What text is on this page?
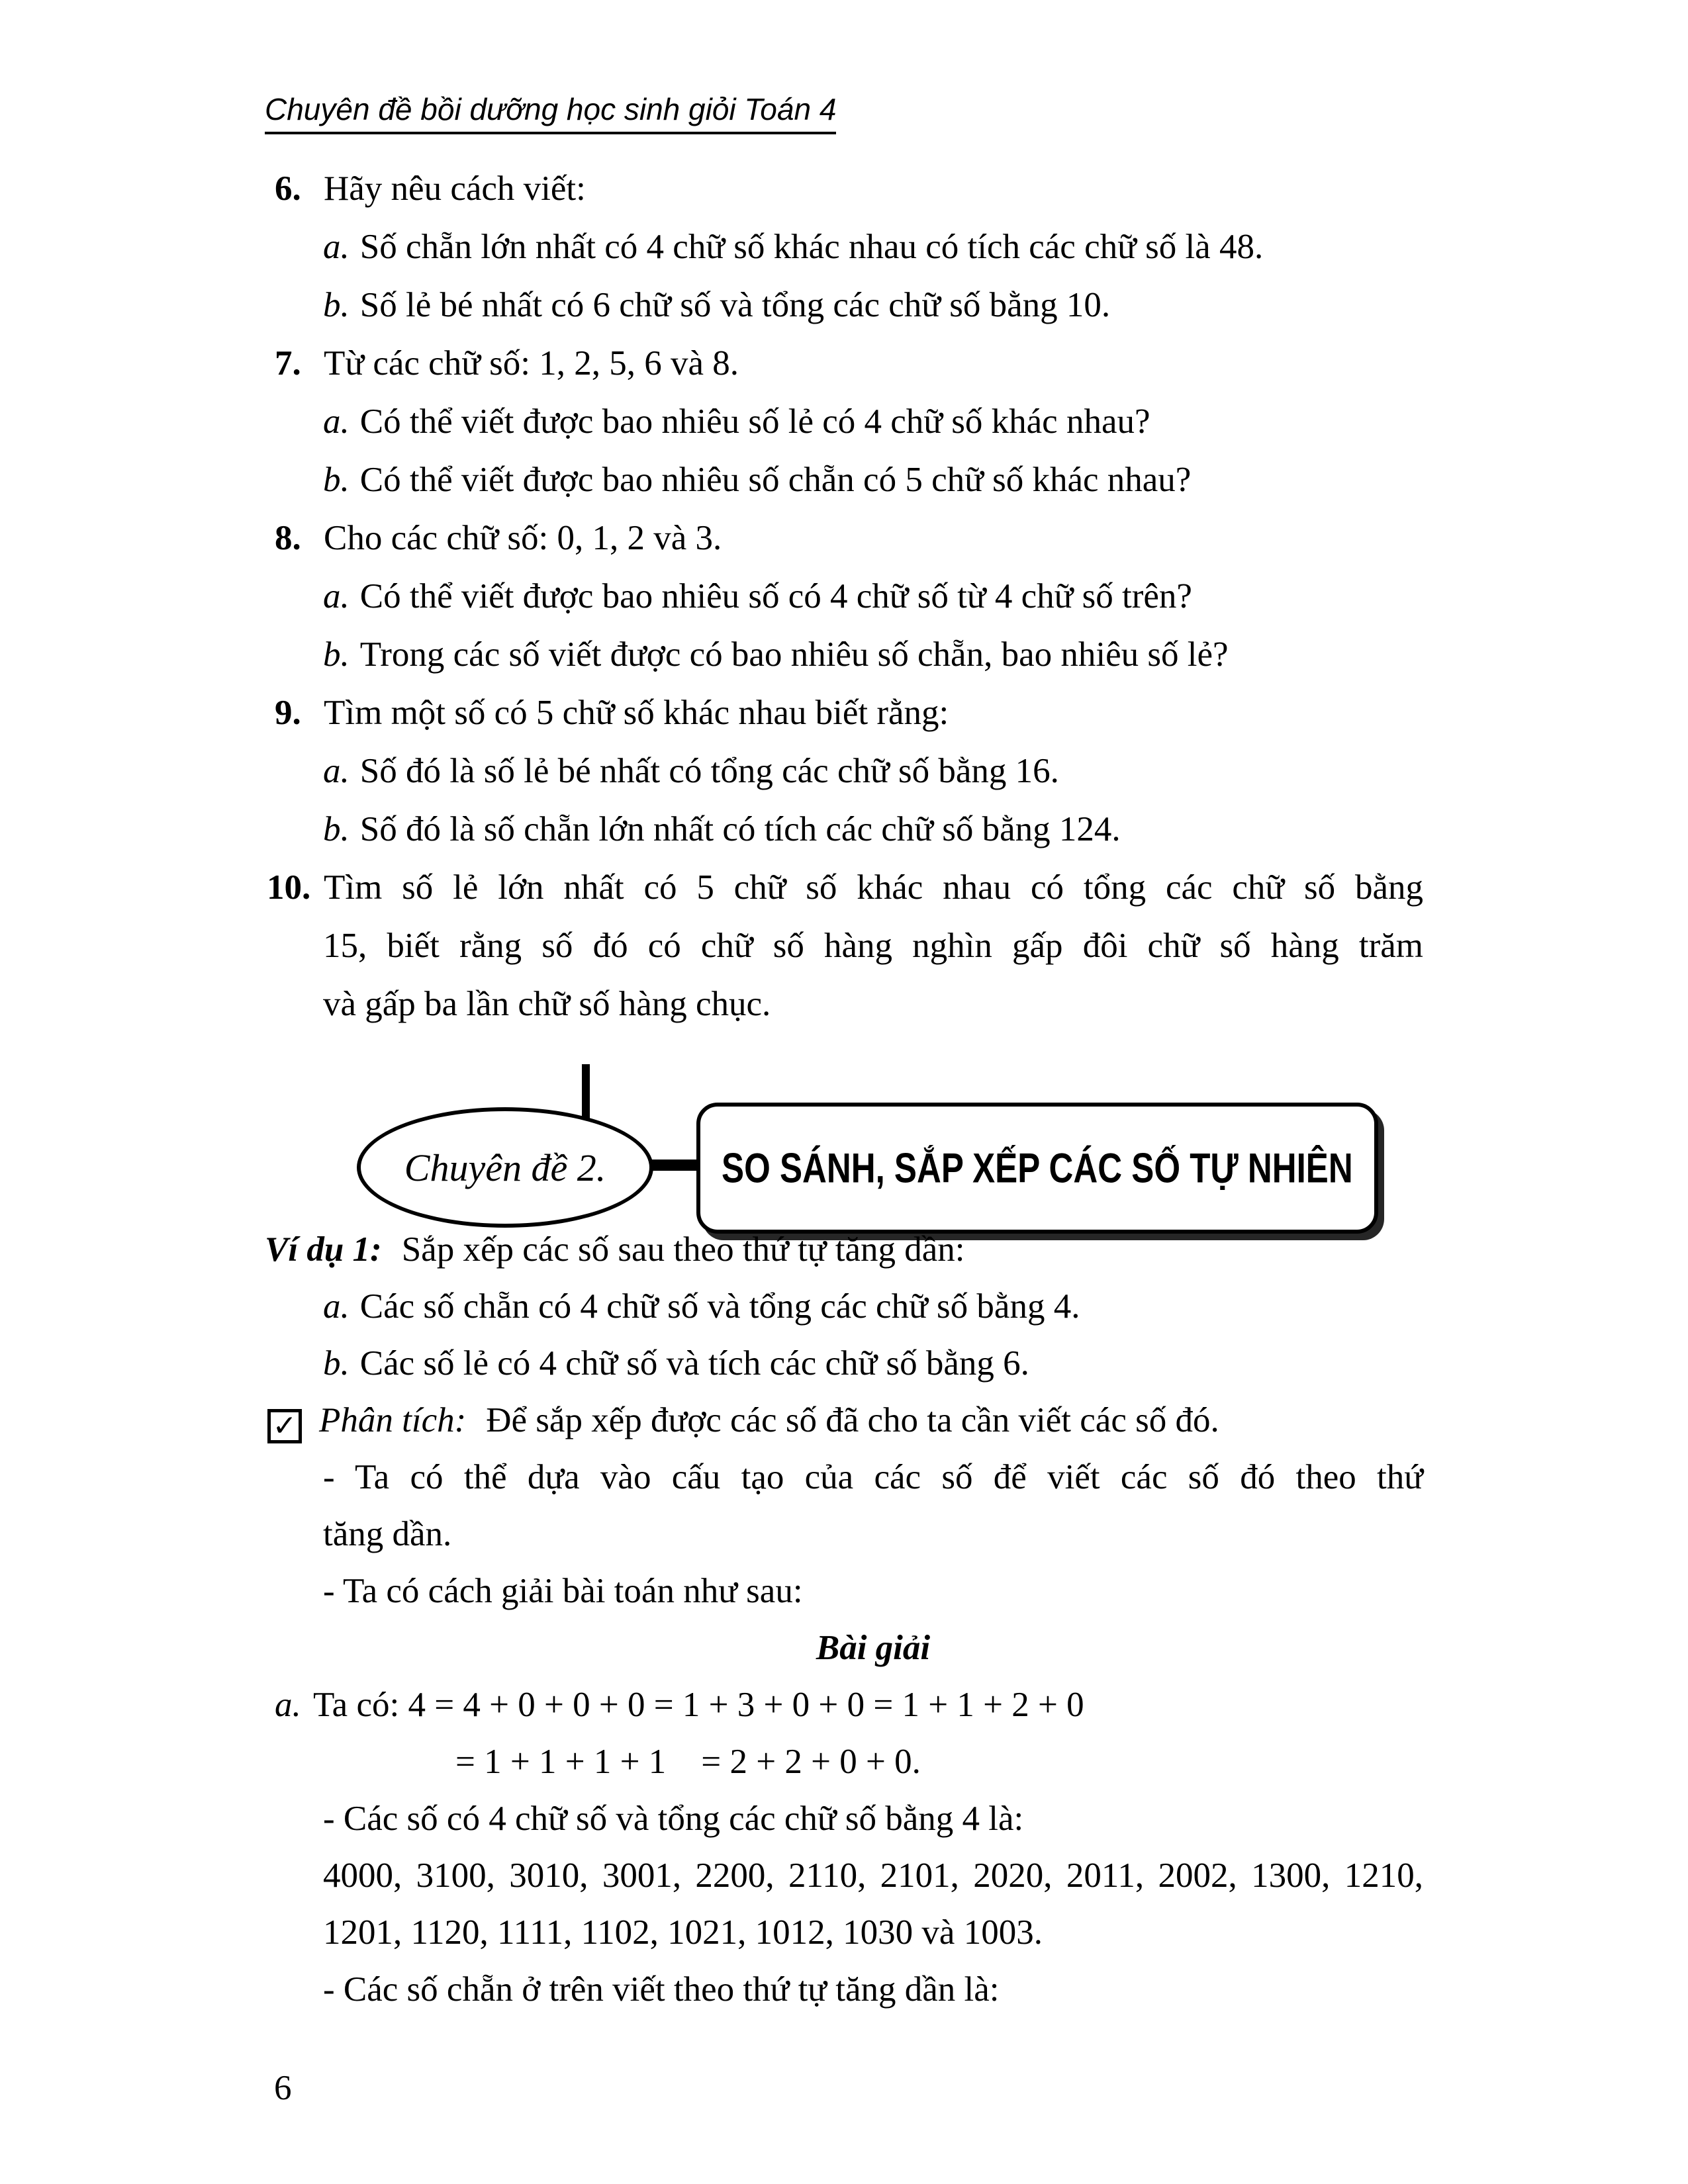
Chuyên đề bồi dưỡng học sinh giỏi Toán 4
6. Hãy nêu cách viết:
a. Số chẵn lớn nhất có 4 chữ số khác nhau có tích các chữ số là 48.
b. Số lẻ bé nhất có 6 chữ số và tổng các chữ số bằng 10.
7. Từ các chữ số: 1, 2, 5, 6 và 8.
a. Có thể viết được bao nhiêu số lẻ có 4 chữ số khác nhau?
b. Có thể viết được bao nhiêu số chẵn có 5 chữ số khác nhau?
8. Cho các chữ số: 0, 1, 2 và 3.
a. Có thể viết được bao nhiêu số có 4 chữ số từ 4 chữ số trên?
b. Trong các số viết được có bao nhiêu số chẵn, bao nhiêu số lẻ?
9. Tìm một số có 5 chữ số khác nhau biết rằng:
a. Số đó là số lẻ bé nhất có tổng các chữ số bằng 16.
b. Số đó là số chẵn lớn nhất có tích các chữ số bằng 124.
10. Tìm số lẻ lớn nhất có 5 chữ số khác nhau có tổng các chữ số bằng
15, biết rằng số đó có chữ số hàng nghìn gấp đôi chữ số hàng trăm
và gấp ba lần chữ số hàng chục.
Chuyên đề 2.	SO SÁNH, SẮP XẾP CÁC SỐ TỰ NHIÊN
Ví dụ 1: Sắp xếp các số sau theo thứ tự tăng dần:
a. Các số chẵn có 4 chữ số và tổng các chữ số bằng 4.
b. Các số lẻ có 4 chữ số và tích các chữ số bằng 6.
✓ Phân tích: Để sắp xếp được các số đã cho ta cần viết các số đó.
- Ta có thể dựa vào cấu tạo của các số để viết các số đó theo thứ
tăng dần.
- Ta có cách giải bài toán như sau:
Bài giải
a. Ta có: 4 = 4 + 0 + 0 + 0 = 1 + 3 + 0 + 0 = 1 + 1 + 2 + 0
= 1 + 1 + 1 + 1  = 2 + 2 + 0 + 0.
- Các số có 4 chữ số và tổng các chữ số bằng 4 là:
4000, 3100, 3010, 3001, 2200, 2110, 2101, 2020, 2011, 2002, 1300, 1210,
1201, 1120, 1111, 1102, 1021, 1012, 1030 và 1003.
- Các số chẵn ở trên viết theo thứ tự tăng dần là:
6
